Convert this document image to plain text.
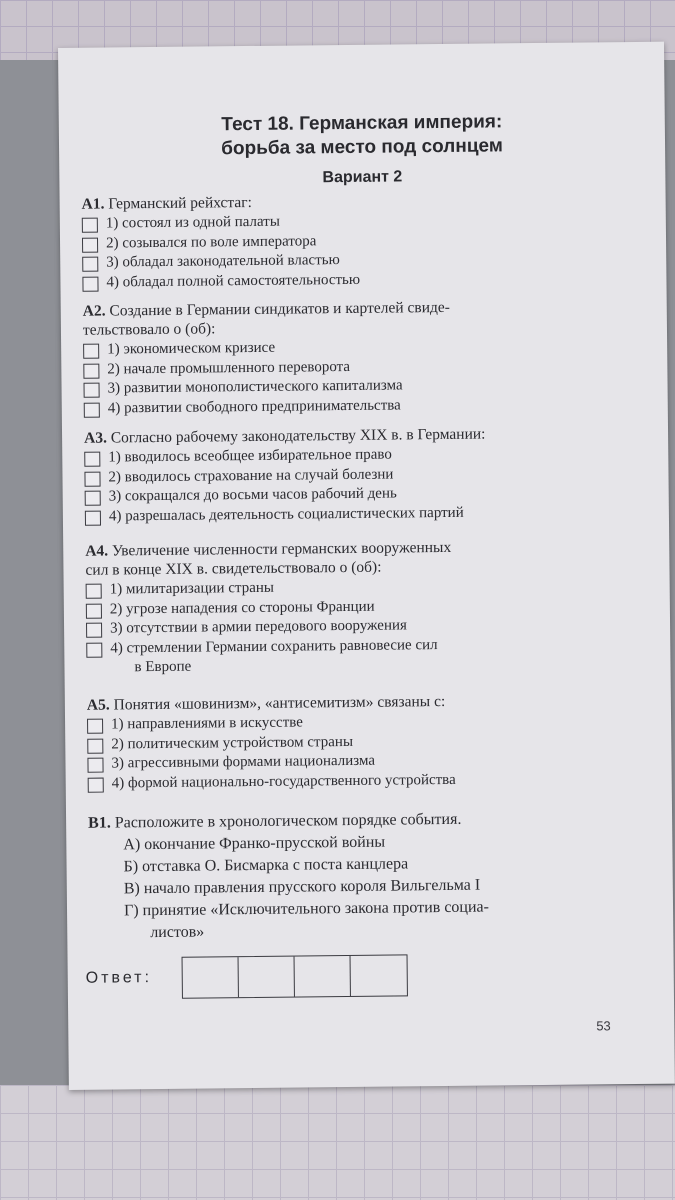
Тест 18. Германская империя:
борьба за место под солнцем
Вариант 2
А1. Германский рейхстаг:
1) состоял из одной палаты
2) созывался по воле императора
3) обладал законодательной властью
4) обладал полной самостоятельностью
А2. Создание в Германии синдикатов и картелей свиде-
тельствовало о (об):
1) экономическом кризисе
2) начале промышленного переворота
3) развитии монополистического капитализма
4) развитии свободного предпринимательства
А3. Согласно рабочему законодательству XIX в. в Германии:
1) вводилось всеобщее избирательное право
2) вводилось страхование на случай болезни
3) сокращался до восьми часов рабочий день
4) разрешалась деятельность социалистических партий
А4. Увеличение численности германских вооруженных
сил в конце XIX в. свидетельствовало о (об):
1) милитаризации страны
2) угрозе нападения со стороны Франции
3) отсутствии в армии передового вооружения
4) стремлении Германии сохранить равновесие сил
в Европе
А5. Понятия «шовинизм», «антисемитизм» связаны с:
1) направлениями в искусстве
2) политическим устройством страны
3) агрессивными формами национализма
4) формой национально-государственного устройства
В1. Расположите в хронологическом порядке события.
А) окончание Франко-прусской войны
Б) отставка О. Бисмарка с поста канцлера
В) начало правления прусского короля Вильгельма I
Г) принятие «Исключительного закона против социа-
листов»
Ответ:
53
